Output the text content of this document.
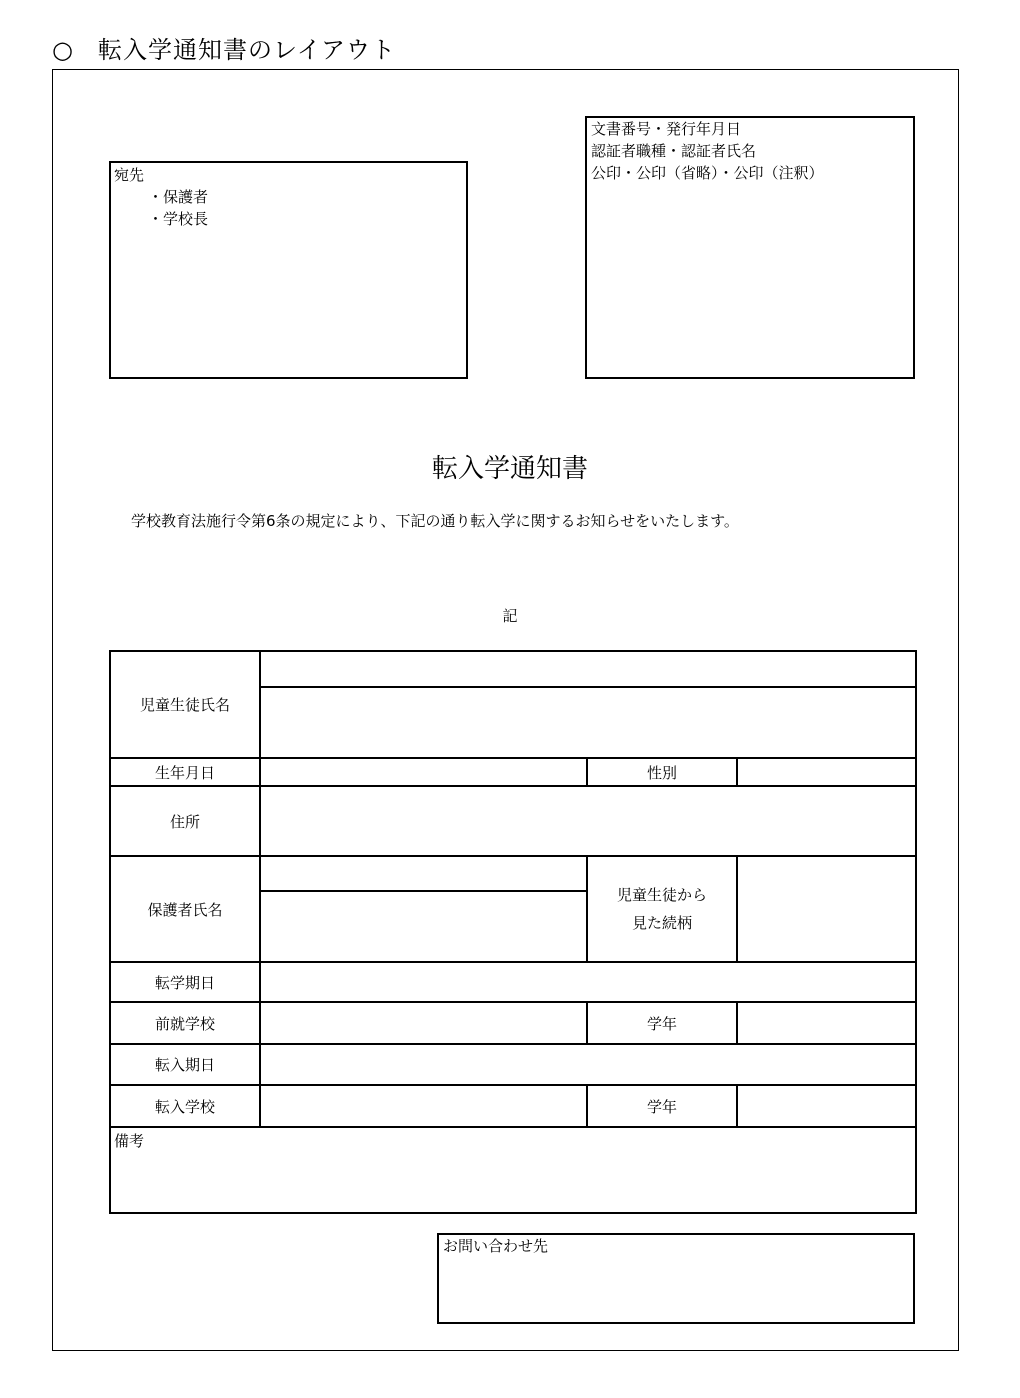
○ 転入学通知書のレイアウト
宛先
・保護者
・学校長
文書番号・発行年月日
認証者職種・認証者氏名
公印・公印（省略）・公印（注釈）
転入学通知書
学校教育法施行令第6条の規定により、下記の通り転入学に関するお知らせをいたします。
記
児童生徒氏名			

生年月日		性別	
住所			
保護者氏名		児童生徒から
見た続柄	

転学期日			
前就学校		学年	
転入期日			
転入学校		学年	
備考			
お問い合わせ先
